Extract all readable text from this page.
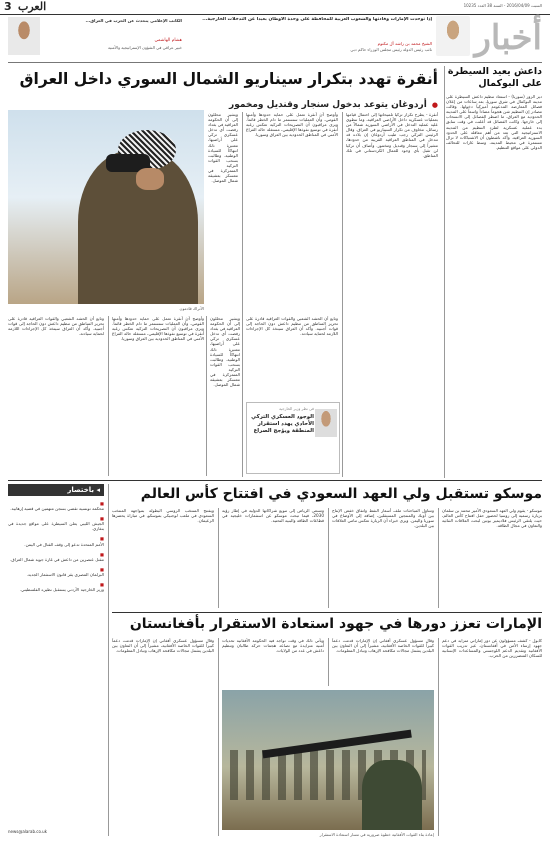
3 العرب	السبت 2016/04/09 - السنة 38 العدد 10235
أخبار
إذا توحدت الإمارات وقادتها والشعوب العربية للمحافظة على وحدة الأوطان بعيداً عن التدخلات الخارجية...
الشيخ محمد بن راشد آل مكتوم
نائب رئيس الدولة رئيس مجلس الوزراء حاكم دبي
الكاتب الإعلامي يتحدث عن الحرب في العراق...
هشام الهاشمي
خبير عراقي في الشؤون الإستراتيجية والأمنية
داعش يعيد السيطرة على البوكمال
دير الزور (سوريا) - استعاد تنظيم داعش السيطرة على مدينة البوكمال في شرق سوريا، بعد ساعات من إعلان فصائل المعارضة المدعومة أميركياً دخولها. وقالت مصادر إن التنظيم شن هجوماً مضاداً واسعاً على المدينة الحدودية مع العراق، ما اضطر الفصائل إلى الانسحاب إلى خارجها. وكانت الفصائل قد أعلنت في وقت سابق بدء عملية عسكرية لطرد التنظيم من المدينة الاستراتيجية التي تعد من أهم معاقله على الحدود السورية العراقية. وأكد ناشطون أن الاشتباكات لا تزال مستمرة في محيط المدينة، وسط غارات للتحالف الدولي على مواقع التنظيم.
أنقرة تهدد بتكرار سيناريو الشمال السوري داخل العراق
● أردوغان يتوعد بدخول سنجار وقنديل ومخمور
الأتراك قادمون
أنقرة - يطرح تكرار تركيا تلميحاتها إلى احتمال قيامها بعمليات عسكرية داخل الأراضي العراقية، وما تنطوي عليه عملية التدخل في الأراضي السورية شمالاً من رسائل، مخاوف من تكرار السيناريو في العراق. وقال الرئيس التركي رجب طيب أردوغان إن بلاده قد تتدخل في المناطق العراقية القريبة من حدودها، مشيراً إلى سنجار وقنديل ومخمور. وأضاف أن تركيا لن تقبل بأي وجود للعمال الكردستاني في تلك المناطق.
وأوضح أن أنقرة تعمل على حماية حدودها وأمنها القومي، وأن العمليات ستستمر ما دام الخطر قائماً. ويرى مراقبون أن التصريحات التركية تعكس رغبة أنقرة في توسيع نفوذها الإقليمي، مستغلة حالة الفراغ الأمني في المناطق الحدودية بين العراق وسوريا.
ويشير محللون إلى أن الحكومة العراقية في بغداد رفضت أي تدخل عسكري تركي على أراضيها، معتبرة ذلك انتهاكاً للسيادة الوطنية. وطالبت بسحب القوات التركية المتمركزة في معسكر بعشيقة شمال الموصل.
في نظر وزير الخارجية
الوجود العسكري التركي الأحادي يهدد استقرار المنطقة ويؤجج الصراع
وتابع أن الحشد الشعبي والقوات العراقية قادرة على تحرير المناطق من تنظيم داعش دون الحاجة إلى قوات أجنبية. وأكد أن العراق سيتخذ كل الإجراءات اللازمة لحماية سيادته.
وأوضح أن أنقرة تعمل على حماية حدودها وأمنها القومي، وأن العمليات ستستمر ما دام الخطر قائماً. ويرى مراقبون أن التصريحات التركية تعكس رغبة أنقرة في توسيع نفوذها الإقليمي، مستغلة حالة الفراغ الأمني في المناطق الحدودية بين العراق وسوريا.
ويشير محللون إلى أن الحكومة العراقية في بغداد رفضت أي تدخل عسكري تركي على أراضيها، معتبرة ذلك انتهاكاً للسيادة الوطنية. وطالبت بسحب القوات التركية المتمركزة في معسكر بعشيقة شمال الموصل.
وتابع أن الحشد الشعبي والقوات العراقية قادرة على تحرير المناطق من تنظيم داعش دون الحاجة إلى قوات أجنبية. وأكد أن العراق سيتخذ كل الإجراءات اللازمة لحماية سيادته.
◂ باختصار
■
محكمة تونسية تقضي بسجن متهمين في قضية إرهابية.
■
الجيش الليبي يعلن السيطرة على مواقع جديدة في بنغازي.
■
الأمم المتحدة تدعو إلى وقف القتال في اليمن.
■
مقتل عنصرين من داعش في غارة جوية شمال العراق.
■
البرلمان المصري يقر قانون الاستثمار الجديد.
■
وزير الخارجية الأردني يستقبل نظيره الفلسطيني.
news@alarab.co.uk
موسكو تستقبل ولي العهد السعودي في افتتاح كأس العالم
موسكو - يقوم ولي العهد السعودي الأمير محمد بن سلمان بزيارة رسمية إلى روسيا لحضور حفل افتتاح كأس العالم، حيث يلتقي الرئيس فلاديمير بوتين لبحث العلاقات الثنائية والتعاون في مجال الطاقة.
وتتناول المباحثات ملف أسعار النفط واتفاق خفض الإنتاج بين أوبك والمنتجين المستقلين، إضافة إلى الأوضاع في سوريا واليمن. ويرى خبراء أن الزيارة تعكس تنامي العلاقات بين البلدين.
وتسعى الرياض إلى تنويع شراكاتها الدولية في إطار رؤية 2030، فيما تبحث موسكو عن استثمارات خليجية في قطاعات الطاقة والبنية التحتية.
ويفتتح المنتخب الروسي البطولة بمواجهة المنتخب السعودي في ملعب لوجنيكي بموسكو، في مباراة يحضرها الزعيمان.
الإمارات تعزز دورها في جهود استعادة الاستقرار بأفغانستان
كابول - كشف مسؤولون عن دور إماراتي متزايد في دعم جهود إرساء الأمن في أفغانستان، عبر تدريب القوات الأفغانية وتقديم الدعم اللوجستي والمساعدات الإنسانية للسكان المتضررين من الحرب.
إعادة بناء القوات الأفغانية خطوة ضرورية في مسار استعادة الاستقرار
وقال مسؤول عسكري أفغاني إن الإمارات قدمت دعماً كبيراً للقوات الخاصة الأفغانية، مشيراً إلى أن التعاون بين البلدين يشمل مجالات مكافحة الإرهاب وتبادل المعلومات.
ويأتي ذلك في وقت تواجه فيه الحكومة الأفغانية تحديات أمنية متزايدة مع تصاعد هجمات حركة طالبان وتنظيم داعش في عدد من الولايات.
وقال مسؤول عسكري أفغاني إن الإمارات قدمت دعماً كبيراً للقوات الخاصة الأفغانية، مشيراً إلى أن التعاون بين البلدين يشمل مجالات مكافحة الإرهاب وتبادل المعلومات.
